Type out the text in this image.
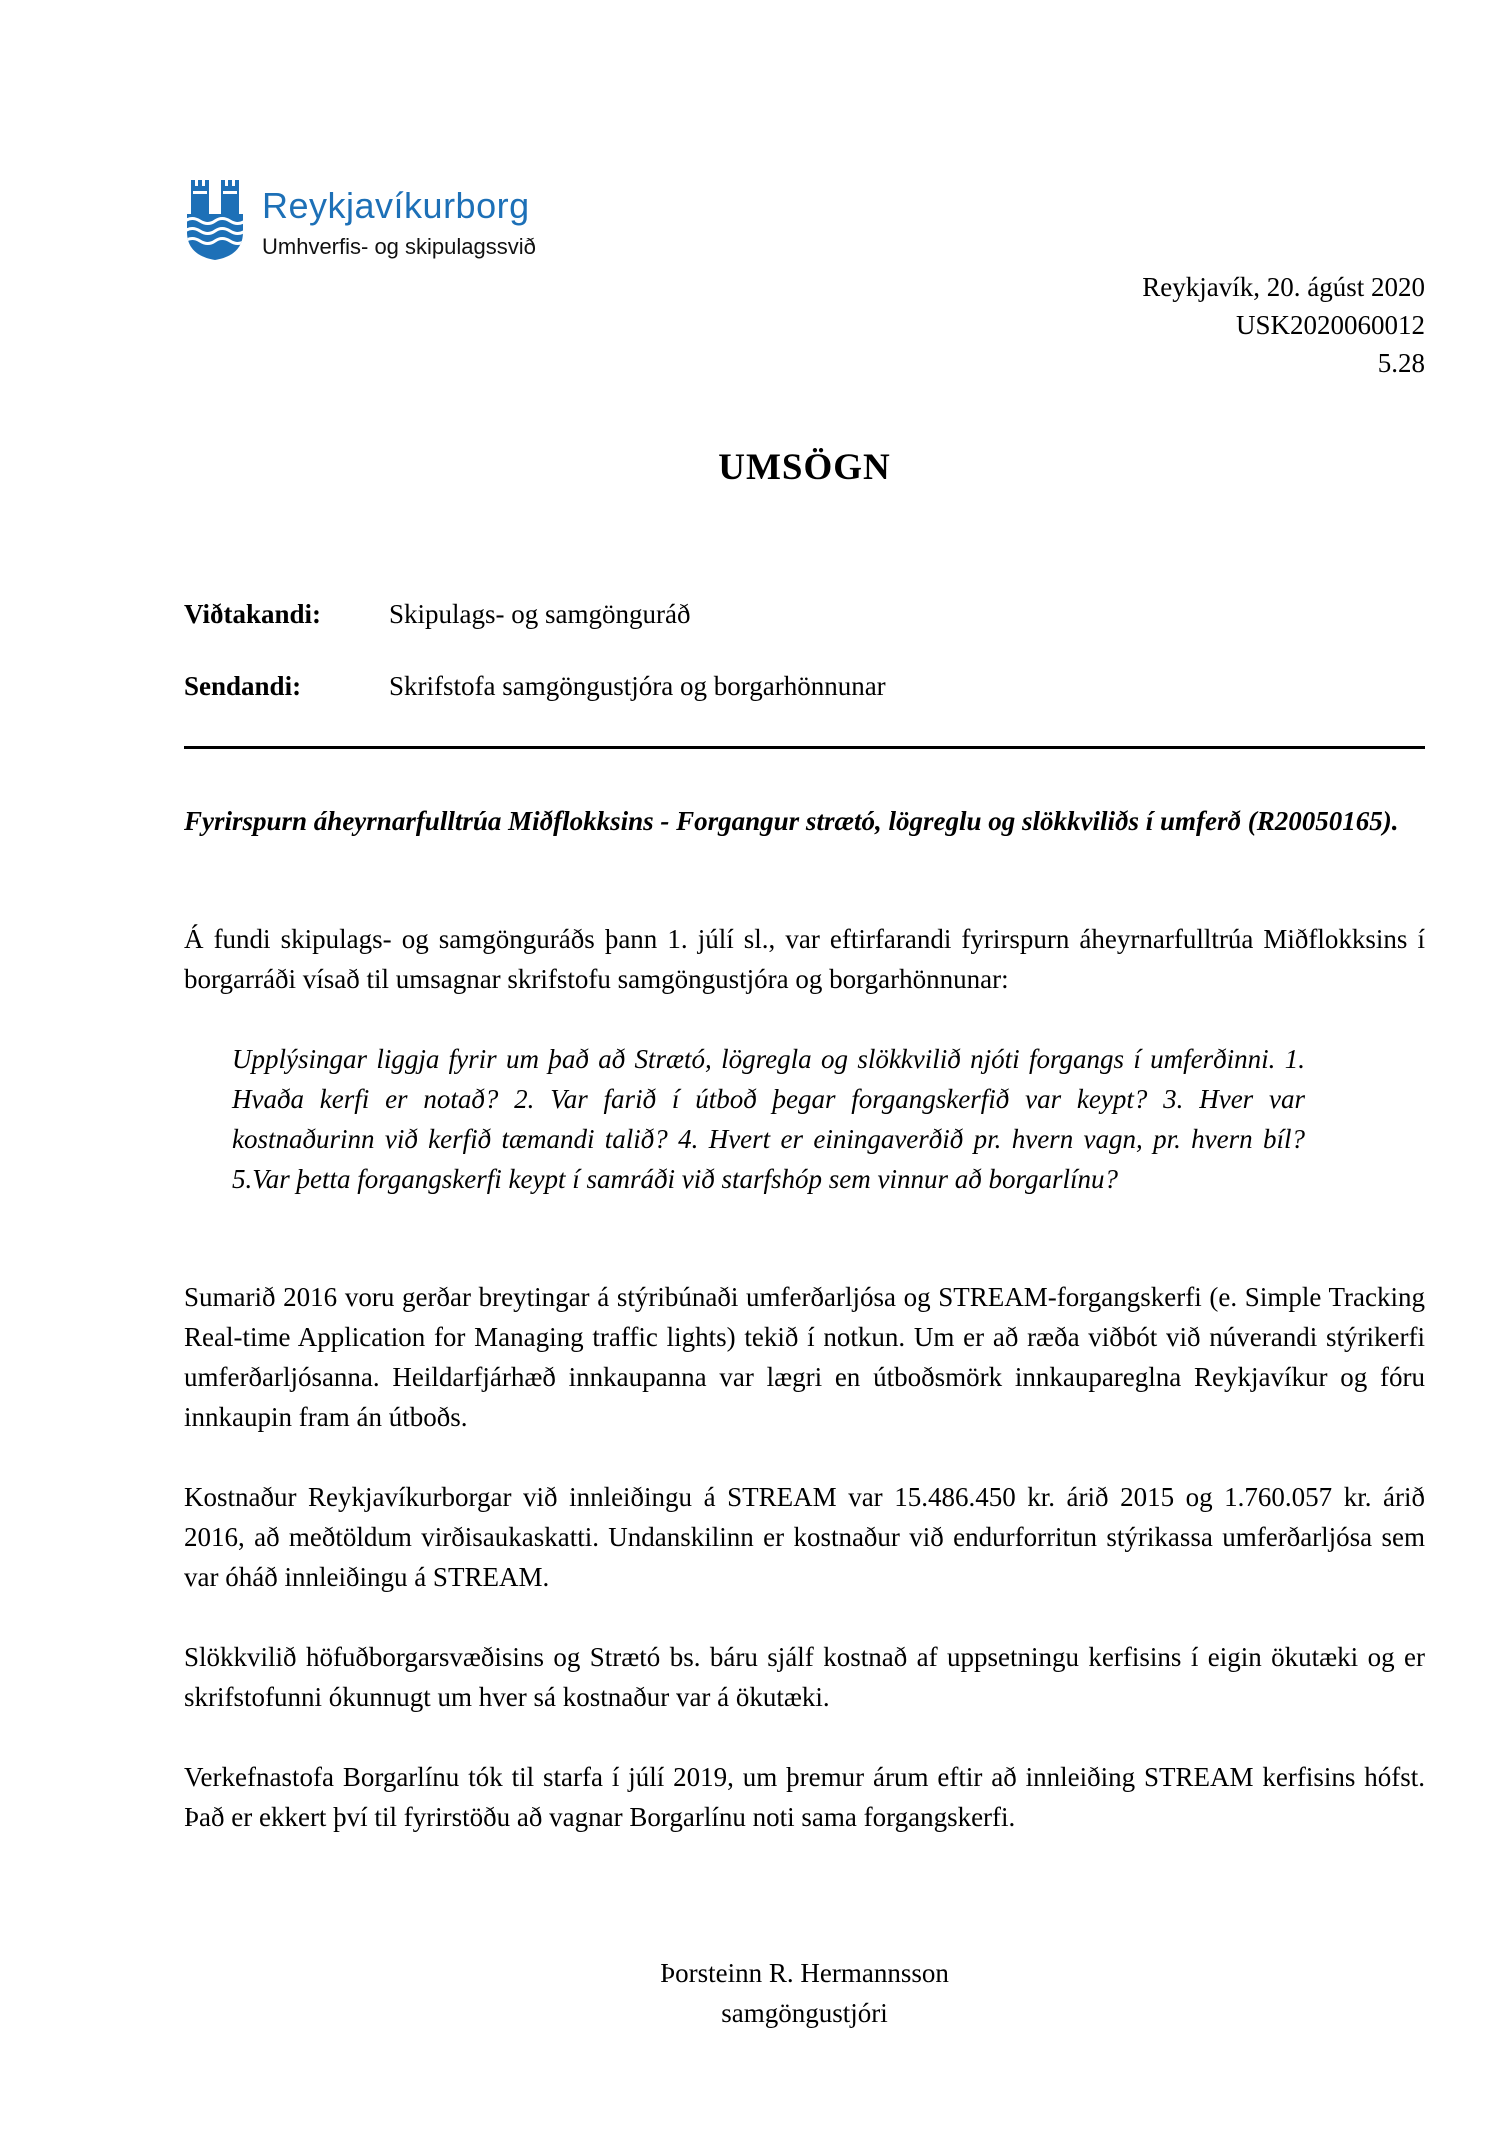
Reykjavíkurborg
Umhverfis- og skipulagssvið
Reykjavík, 20. ágúst 2020
USK2020060012
5.28
UMSÖGN
Viðtakandi:	Skipulags- og samgönguráð
Sendandi:	Skrifstofa samgöngustjóra og borgarhönnunar

Fyrirspurn áheyrnarfulltrúa Miðflokksins - Forgangur strætó, lögreglu og slökkviliðs í umferð (R20050165).

Á fundi skipulags- og samgönguráðs þann 1. júlí sl., var eftirfarandi fyrirspurn áheyrnarfulltrúa Miðflokksins í borgarráði vísað til umsagnar skrifstofu samgöngustjóra og borgarhönnunar:

Upplýsingar liggja fyrir um það að Strætó, lögregla og slökkvilið njóti forgangs í umferðinni. 1. Hvaða kerfi er notað? 2. Var farið í útboð þegar forgangskerfið var keypt? 3. Hver var kostnaðurinn við kerfið tæmandi talið? 4. Hvert er einingaverðið pr. hvern vagn, pr. hvern bíl? 5.Var þetta forgangskerfi keypt í samráði við starfshóp sem vinnur að borgarlínu?

Sumarið 2016 voru gerðar breytingar á stýribúnaði umferðarljósa og STREAM-forgangskerfi (e. Simple Tracking Real-time Application for Managing traffic lights) tekið í notkun. Um er að ræða viðbót við núverandi stýrikerfi umferðarljósanna. Heildarfjárhæð innkaupanna var lægri en útboðsmörk innkaupareglna Reykjavíkur og fóru innkaupin fram án útboðs.

Kostnaður Reykjavíkurborgar við innleiðingu á STREAM var 15.486.450 kr. árið 2015 og 1.760.057 kr. árið 2016, að meðtöldum virðisaukaskatti. Undanskilinn er kostnaður við endurforritun stýrikassa umferðarljósa sem var óháð innleiðingu á STREAM.

Slökkvilið höfuðborgarsvæðisins og Strætó bs. báru sjálf kostnað af uppsetningu kerfisins í eigin ökutæki og er skrifstofunni ókunnugt um hver sá kostnaður var á ökutæki.

Verkefnastofa Borgarlínu tók til starfa í júlí 2019, um þremur árum eftir að innleiðing STREAM kerfisins hófst. Það er ekkert því til fyrirstöðu að vagnar Borgarlínu noti sama forgangskerfi.

Þorsteinn R. Hermannsson
samgöngustjóri
